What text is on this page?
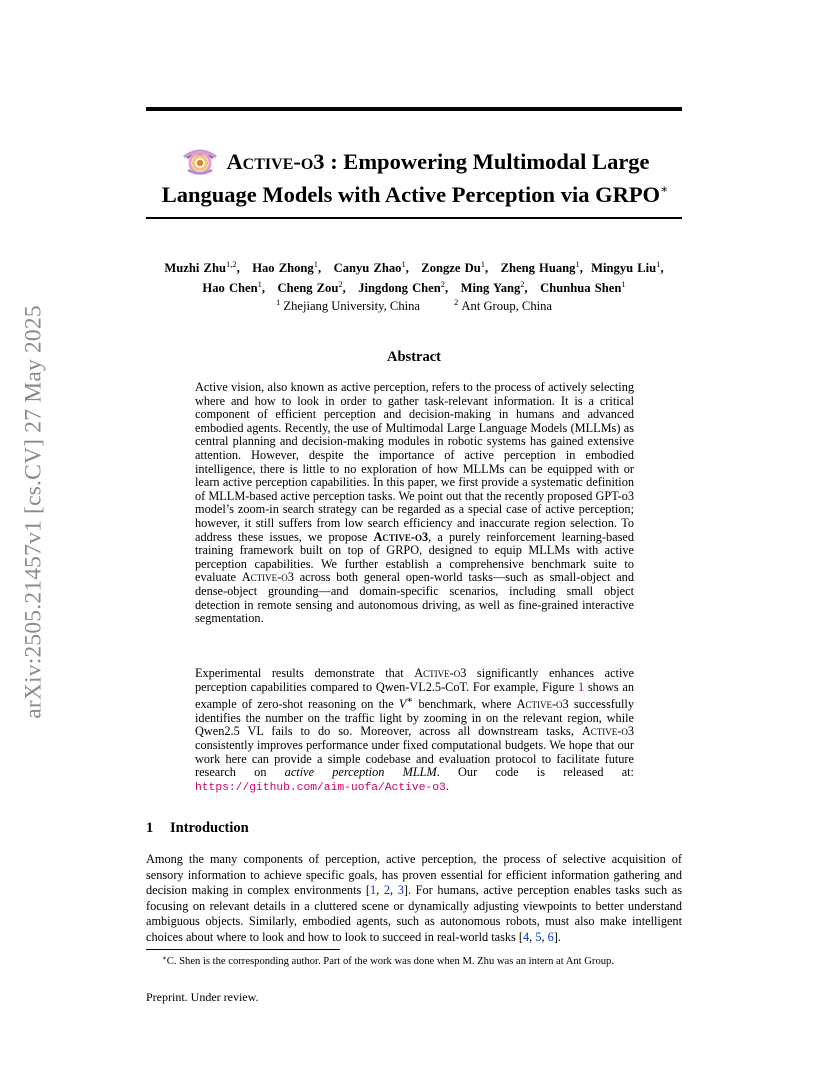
arXiv:2505.21457v1 [cs.CV] 27 May 2025
Active-o3 : Empowering Multimodal Large
Language Models with Active Perception via GRPO∗
Muzhi Zhu$^{1,2}$, Hao Zhong$^1$, Canyu Zhao$^1$, Zongze Du$^1$, Zheng Huang$^1$, Mingyu Liu$^1$,
Hao Chen$^1$, Cheng Zou$^2$, Jingdong Chen$^2$, Ming Yang$^2$, Chunhua Shen$^1$
$^1$ Zhejiang University, China	$^2$ Ant Group, China
Abstract
Active vision, also known as active perception, refers to the process of actively selecting where and how to look in order to gather task-relevant information. It is a critical component of efficient perception and decision-making in humans and advanced embodied agents. Recently, the use of Multimodal Large Language Models (MLLMs) as central planning and decision-making modules in robotic systems has gained extensive attention. However, despite the importance of active perception in embodied intelligence, there is little to no exploration of how MLLMs can be equipped with or learn active perception capabilities. In this paper, we first provide a systematic definition of MLLM-based active perception tasks. We point out that the recently proposed GPT-o3 model’s zoom-in search strategy can be regarded as a special case of active perception; however, it still suffers from low search efficiency and inaccurate region selection. To address these issues, we propose Active-o3, a purely reinforcement learning-based training framework built on top of GRPO, designed to equip MLLMs with active perception capabilities. We further establish a comprehensive benchmark suite to evaluate Active-o3 across both general open-world tasks—such as small-object and dense-object grounding—and domain-specific scenarios, including small object detection in remote sensing and autonomous driving, as well as fine-grained interactive segmentation.
Experimental results demonstrate that Active-o3 significantly enhances active perception capabilities compared to Qwen-VL2.5-CoT. For example, Figure 1 shows an example of zero-shot reasoning on the V∗ benchmark, where Active-o3 successfully identifies the number on the traffic light by zooming in on the relevant region, while Qwen2.5 VL fails to do so. Moreover, across all downstream tasks, Active-o3 consistently improves performance under fixed computational budgets. We hope that our work here can provide a simple codebase and evaluation protocol to facilitate future research on active perception MLLM. Our code is released at: https://github.com/aim-uofa/Active-o3.
1 Introduction
Among the many components of perception, active perception, the process of selective acquisition of sensory information to achieve specific goals, has proven essential for efficient information gathering and decision making in complex environments [1, 2, 3]. For humans, active perception enables tasks such as focusing on relevant details in a cluttered scene or dynamically adjusting viewpoints to better understand ambiguous objects. Similarly, embodied agents, such as autonomous robots, must also make intelligent choices about where to look and how to look to succeed in real-world tasks [4, 5, 6].
∗C. Shen is the corresponding author. Part of the work was done when M. Zhu was an intern at Ant Group.
Preprint. Under review.
